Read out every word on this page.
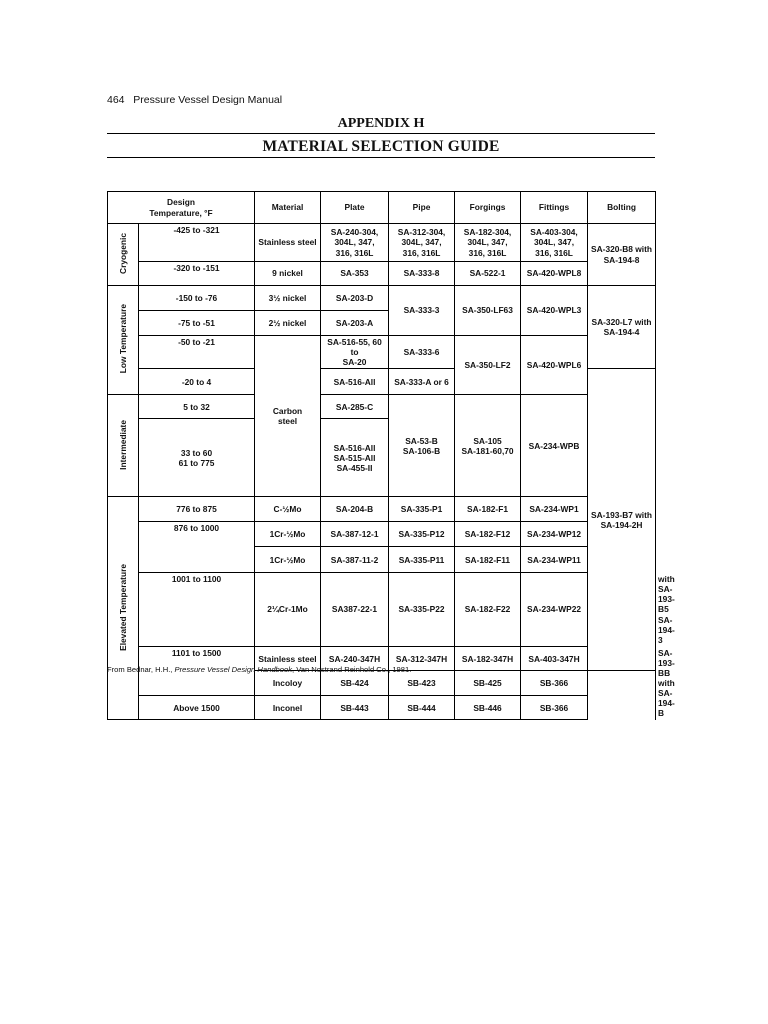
464   Pressure Vessel Design Manual
APPENDIX H
MATERIAL SELECTION GUIDE
Design
Temperature, °F		Material	Plate	Pipe	Forgings	Fittings	Bolting	
Cryogenic	-425 to -321	Stainless steel	SA-240-304,
304L, 347,
316, 316L	SA-312-304,
304L, 347,
316, 316L	SA-182-304,
304L, 347,
316, 316L	SA-403-304,
304L, 347,
316, 316L	SA-320-B8 with
SA-194-8	
	-320 to -151	9 nickel	SA-353	SA-333-8	SA-522-1	SA-420-WPL8		
Low Temperature	-150 to -76	3½ nickel	SA-203-D	SA-333-3	SA-350-LF63	SA-420-WPL3	SA-320-L7 with
SA-194-4	
	-75 to -51	2½ nickel	SA-203-A					
	-50 to -21	Carbon
steel	SA-516-55, 60 to
SA-20	SA-333-6	SA-350-LF2	SA-420-WPL6		
	-20 to 4		SA-516-All	SA-333-A or 6			SA-193-B7 with
SA-194-2H	
Intermediate	5 to 32		SA-285-C	SA-53-B
SA-106-B	SA-105
SA-181-60,70	SA-234-WPB		
	33 to 60
61 to 775		SA-516-All
SA-515-All
SA-455-II					
Elevated Temperature	776 to 875	C-½Mo	SA-204-B	SA-335-P1	SA-182-F1	SA-234-WP1		
	876 to 1000	1Cr-½Mo	SA-387-12-1	SA-335-P12	SA-182-F12	SA-234-WP12		
		1Cr-½Mo	SA-387-11-2	SA-335-P11	SA-182-F11	SA-234-WP11		
	1001 to 1100	2¼Cr-1Mo	SA387-22-1	SA-335-P22	SA-182-F22	SA-234-WP22		with SA-193-B5
SA-194-3
	1101 to 1500	Stainless steel	SA-240-347H	SA-312-347H	SA-182-347H	SA-403-347H		SA-193-BB with
SA-194-B
		Incoloy	SB-424	SB-423	SB-425	SB-366		
	Above 1500	Inconel	SB-443	SB-444	SB-446	SB-366		
From Bednar, H.H., Pressure Vessel Design Handbook, Van Nostrand Reinhold Co., 1981.
